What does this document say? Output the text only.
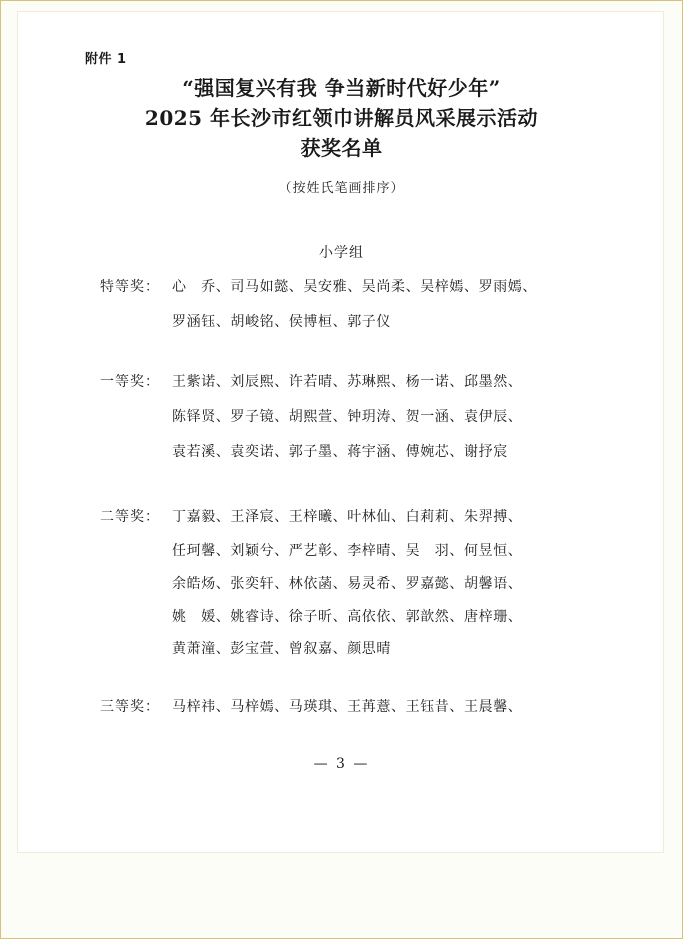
附件 1
“强国复兴有我 争当新时代好少年”
2025 年长沙市红领巾讲解员风采展示活动
获奖名单
（按姓氏笔画排序）
小学组
特等奖： 心　乔、司马如懿、吴安雅、吴尚柔、吴梓嫣、罗雨嫣、
罗涵钰、胡峻铭、侯博桓、郭子仪
一等奖： 王紫诺、刘辰熙、许若晴、苏琳熙、杨一诺、邱墨然、
陈铎贤、罗子镜、胡熙萱、钟玥涛、贺一涵、袁伊辰、
袁若溪、袁奕诺、郭子墨、蒋宇涵、傅婉芯、谢抒宸
二等奖： 丁嘉毅、王泽宸、王梓曦、叶林仙、白莉莉、朱羿搏、
任珂馨、刘颖兮、严艺彰、李梓晴、吴　羽、何昱恒、
余皓炀、张奕轩、林依菡、易灵希、罗嘉懿、胡馨语、
姚　媛、姚睿诗、徐子昕、高依依、郭歆然、唐梓珊、
黄萧潼、彭宝萱、曾叙嘉、颜思晴
三等奖： 马梓祎、马梓嫣、马瑛琪、王苒薏、王钰昔、王晨馨、
— 3 —
